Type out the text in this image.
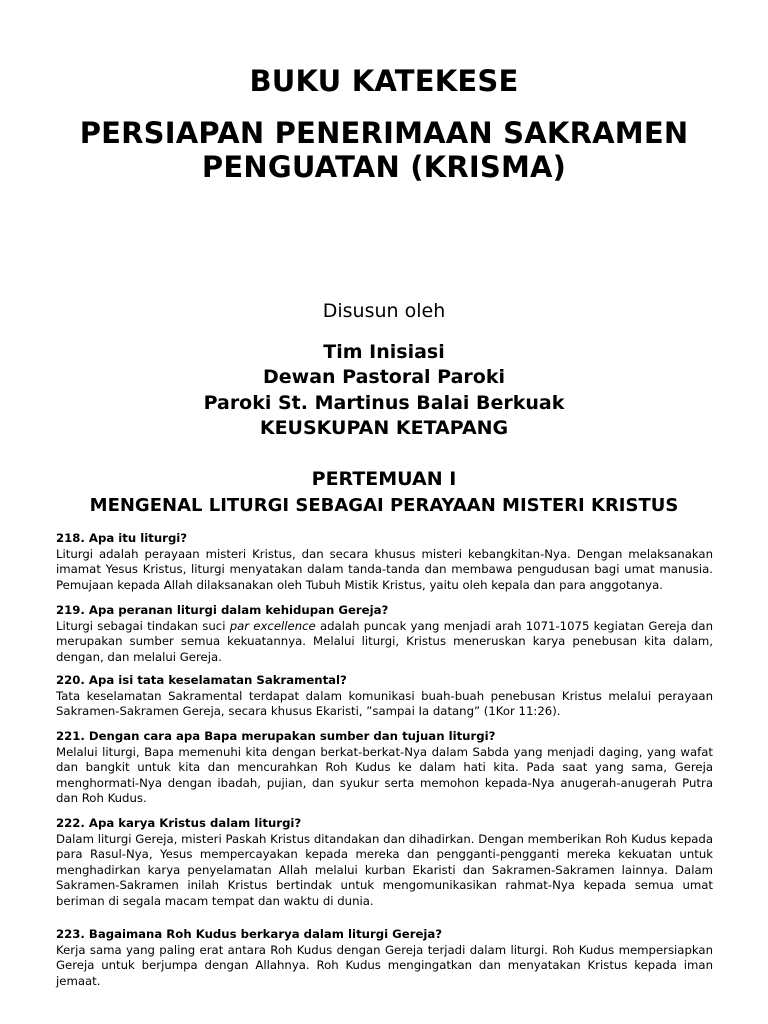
BUKU KATEKESE
PERSIAPAN PENERIMAAN SAKRAMEN
PENGUATAN (KRISMA)

Disusun oleh

Tim Inisiasi

Dewan Pastoral Paroki

Paroki St. Martinus Balai Berkuak

KEUSKUPAN KETAPANG

PERTEMUAN I
MENGENAL LITURGI SEBAGAI PERAYAAN MISTERI KRISTUS

218. Apa itu liturgi?

Liturgi adalah perayaan misteri Kristus, dan secara khusus misteri kebangkitan-Nya. Dengan melaksanakan imamat Yesus Kristus, liturgi menyatakan dalam tanda-tanda dan membawa pengudusan bagi umat manusia. Pemujaan kepada Allah dilaksanakan oleh Tubuh Mistik Kristus, yaitu oleh kepala dan para anggotanya.

219. Apa peranan liturgi dalam kehidupan Gereja?

Liturgi sebagai tindakan suci par excellence adalah puncak yang menjadi arah 1071-1075 kegiatan Gereja dan merupakan sumber semua kekuatannya. Melalui liturgi, Kristus meneruskan karya penebusan kita dalam, dengan, dan melalui Gereja.

220. Apa isi tata keselamatan Sakramental?

Tata keselamatan Sakramental terdapat dalam komunikasi buah-buah penebusan Kristus melalui perayaan Sakramen-Sakramen Gereja, secara khusus Ekaristi, ”sampai Ia datang” (1Kor 11:26).

221. Dengan cara apa Bapa merupakan sumber dan tujuan liturgi?

Melalui liturgi, Bapa memenuhi kita dengan berkat-berkat-Nya dalam Sabda yang menjadi daging, yang wafat dan bangkit untuk kita dan mencurahkan Roh Kudus ke dalam hati kita. Pada saat yang sama, Gereja menghormati-Nya dengan ibadah, pujian, dan syukur serta memohon kepada-Nya anugerah-anugerah Putra dan Roh Kudus.

222. Apa karya Kristus dalam liturgi?

Dalam liturgi Gereja, misteri Paskah Kristus ditandakan dan dihadirkan. Dengan memberikan Roh Kudus kepada para Rasul-Nya, Yesus mempercayakan kepada mereka dan pengganti-pengganti mereka kekuatan untuk menghadirkan karya penyelamatan Allah melalui kurban Ekaristi dan Sakramen-Sakramen lainnya. Dalam Sakramen-Sakramen inilah Kristus bertindak untuk mengomunikasikan rahmat-Nya kepada semua umat beriman di segala macam tempat dan waktu di dunia.

223. Bagaimana Roh Kudus berkarya dalam liturgi Gereja?

Kerja sama yang paling erat antara Roh Kudus dengan Gereja terjadi dalam liturgi. Roh Kudus mempersiapkan Gereja untuk berjumpa dengan Allahnya. Roh Kudus mengingatkan dan menyatakan Kristus kepada iman jemaat.
